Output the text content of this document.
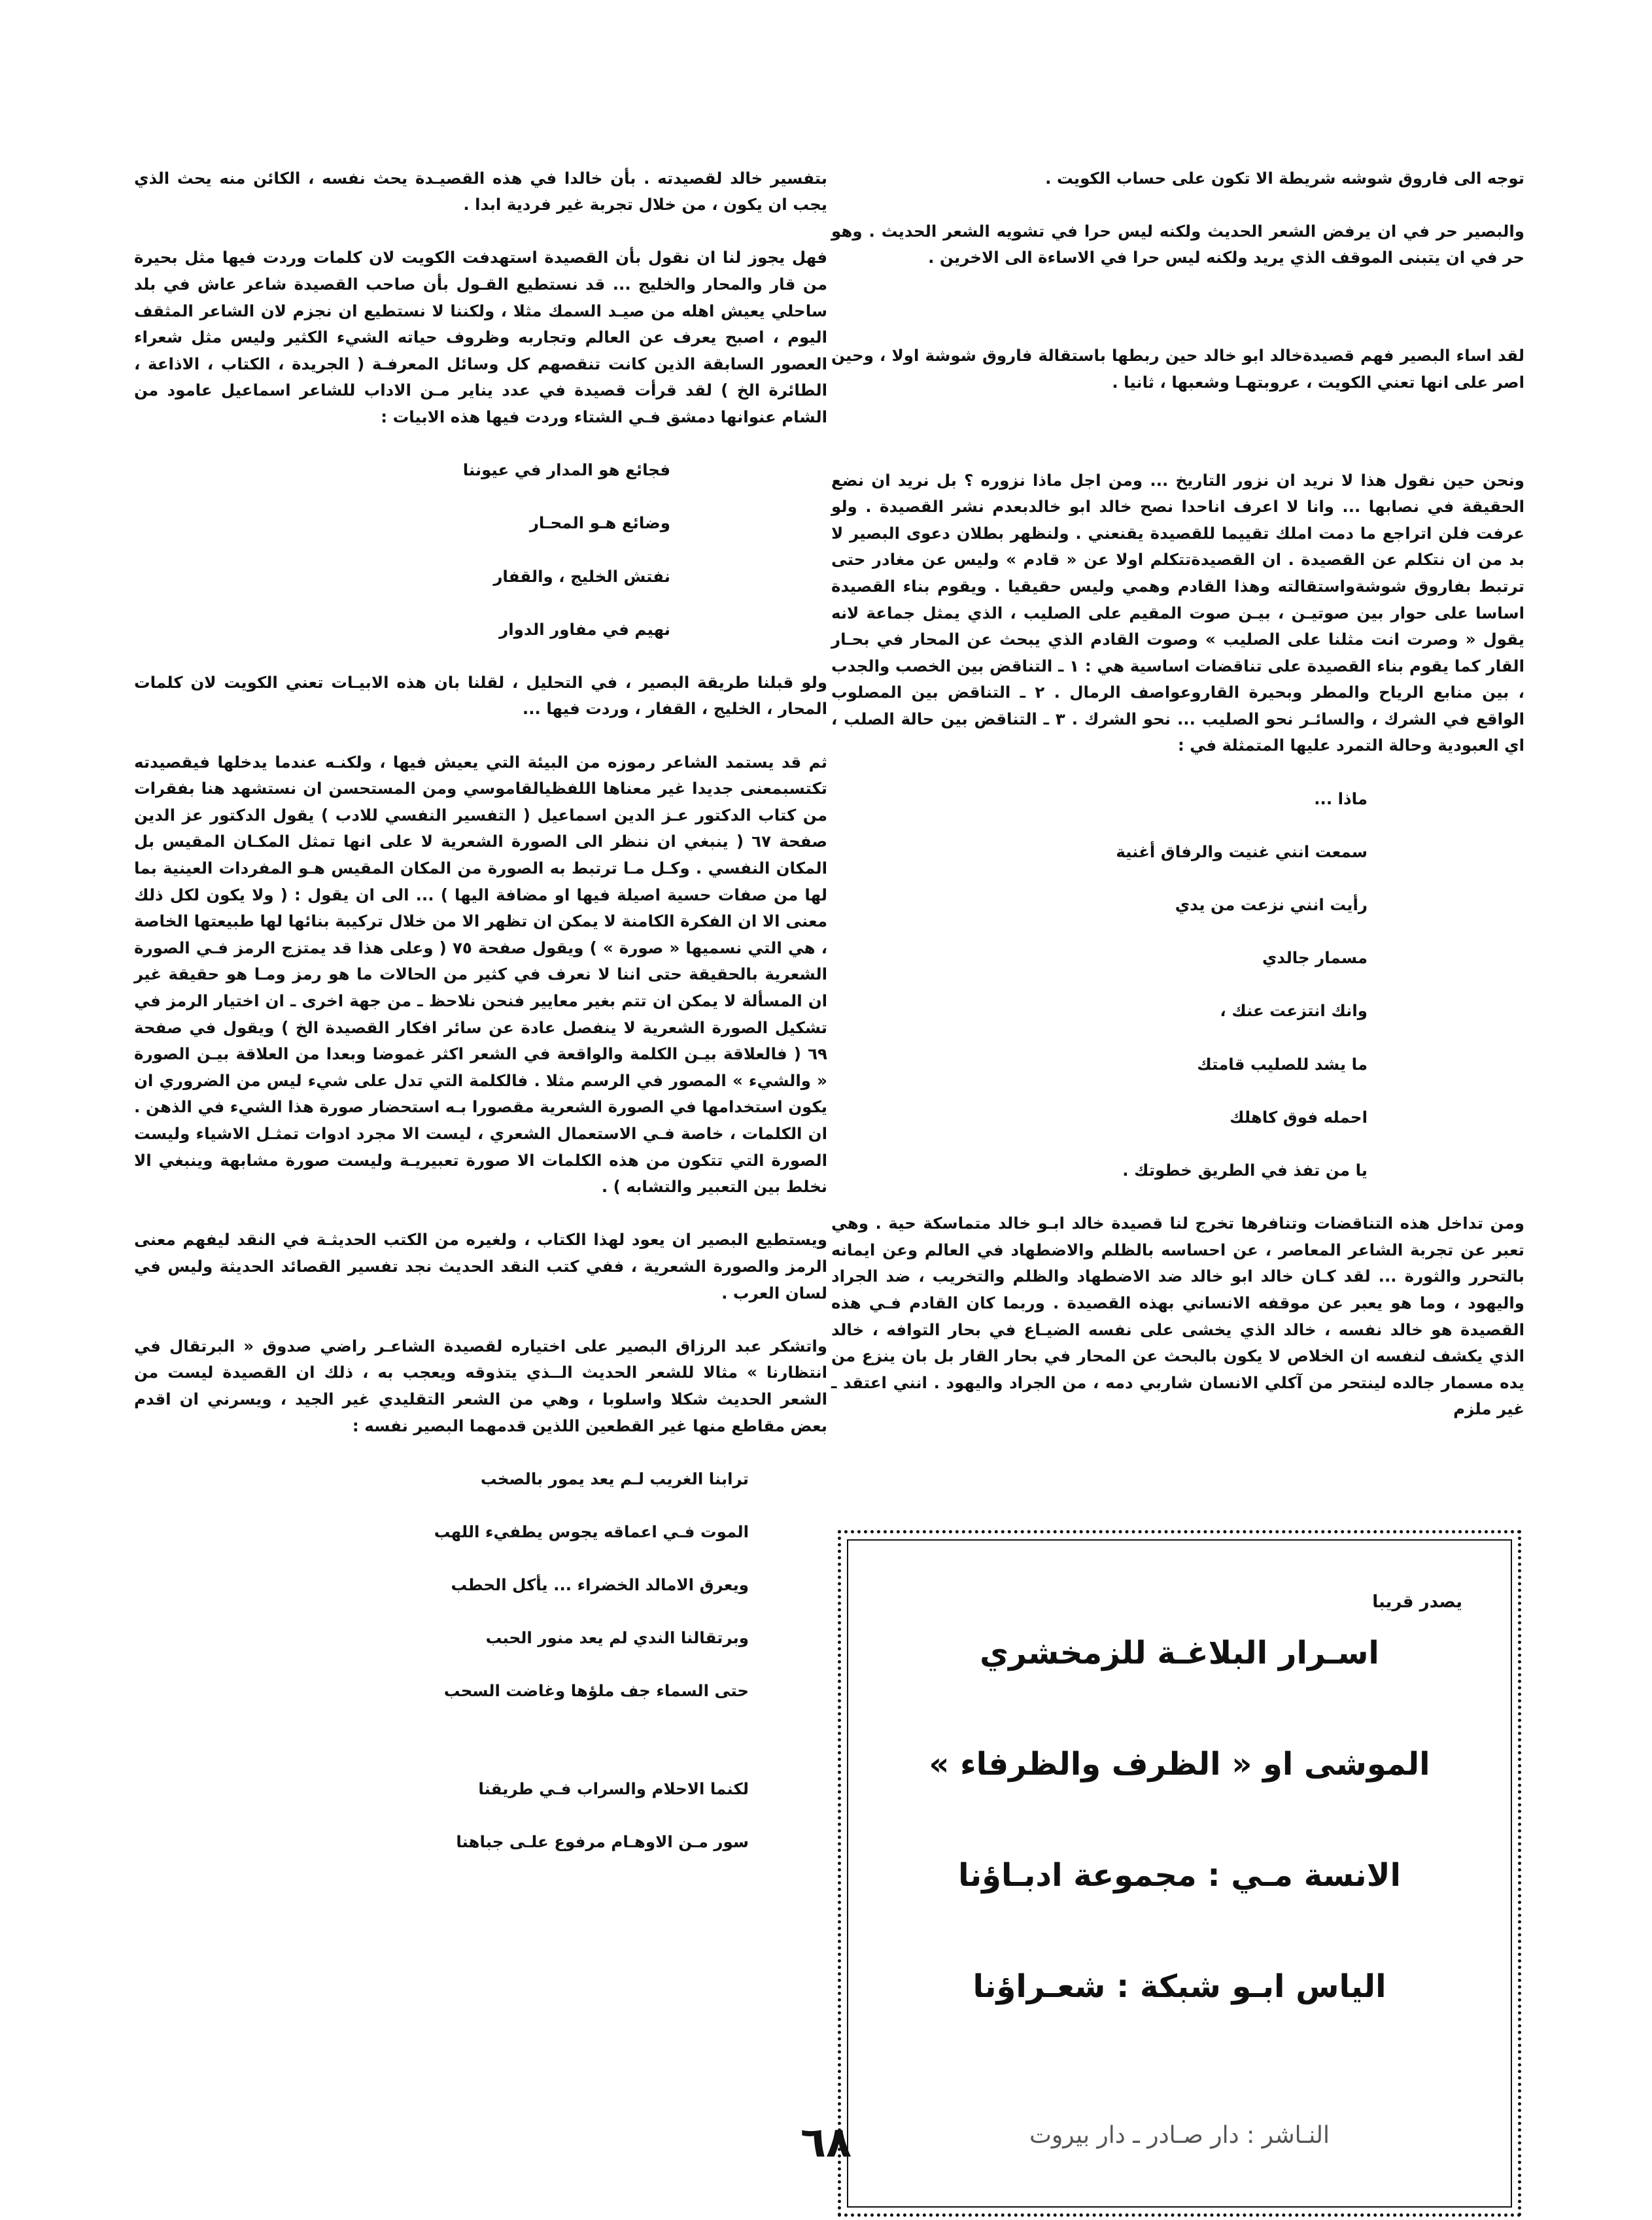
توجه الى فاروق شوشه شريطة الا تكون على حساب الكويت .

والبصير حر في ان يرفض الشعر الحديث ولكنه ليس حرا في تشويه الشعر الحديث . وهو حر في ان يتبنى الموقف الذي يريد ولكنه ليس حرا في الاساءة الى الاخرين .

لقد اساء البصير فهم قصيدةخالد ابو خالد حين ربطها باستقالة فاروق شوشة اولا ، وحين اصر على انها تعني الكويت ، عروبتهـا وشعبها ، ثانيا .

ونحن حين نقول هذا لا نريد ان نزور التاريخ ... ومن اجل ماذا نزوره ؟ بل نريد ان نضع الحقيقة في نصابها ... وانا لا اعرف اناحدا نصح خالد ابو خالدبعدم نشر القصيدة . ولو عرفت فلن اتراجع ما دمت املك تقييما للقصيدة يقنعني . ولنظهر بطلان دعوى البصير لا بد من ان نتكلم عن القصيدة . ان القصيدةتتكلم اولا عن « قادم » وليس عن مغادر حتى ترتبط بفاروق شوشةواستقالته وهذا القادم وهمي وليس حقيقيا . ويقوم بناء القصيدة اساسا على حوار بين صوتيـن ، بيـن صوت المقيم على الصليب ، الذي يمثل جماعة لانه يقول « وصرت انت مثلنا على الصليب » وصوت القادم الذي يبحث عن المحار في بحـار القار كما يقوم بناء القصيدة على تناقضات اساسية هي : ١ ـ التناقض بين الخصب والجدب ، بين منابع الرياح والمطر وبحيرة القاروعواصف الرمال . ٢ ـ التناقض بين المصلوب الواقع في الشرك ، والسائـر نحو الصليب ... نحو الشرك . ٣ ـ التناقض بين حالة الصلب ، اي العبودية وحالة التمرد عليها المتمثلة في :

ماذا ...

سمعت انني غنيت والرفاق أغنية

رأيت انني نزعت من يدي

مسمار جالدي

وانك انتزعت عنك ،

ما يشد للصليب قامتك

احمله فوق كاهلك

يا من تفذ في الطريق خطوتك .

ومن تداخل هذه التناقضات وتنافرها تخرج لنا قصيدة خالد ابـو خالد متماسكة حية . وهي تعبر عن تجربة الشاعر المعاصر ، عن احساسه بالظلم والاضطهاد في العالم وعن ايمانه بالتحرر والثورة ... لقد كـان خالد ابو خالد ضد الاضطهاد والظلم والتخريب ، ضد الجراد واليهود ، وما هو يعبر عن موقفه الانساني بهذه القصيدة . وربما كان القادم فـي هذه القصيدة هو خالد نفسه ، خالد الذي يخشى على نفسه الضيـاع في بحار التوافه ، خالد الذي يكشف لنفسه ان الخلاص لا يكون بالبحث عن المحار في بحار القار بل بان ينزع من يده مسمار جالده لينتحر من آكلي الانسان شاربي دمه ، من الجراد واليهود . انني اعتقد ـ غير ملزم

بتفسير خالد لقصيدته . بأن خالدا في هذه القصيـدة يحث نفسه ، الكائن منه يحث الذي يجب ان يكون ، من خلال تجربة غير فردية ابدا .

فهل يجوز لنا ان نقول بأن القصيدة استهدفت الكويت لان كلمات وردت فيها مثل بحيرة من قار والمحار والخليج ... قد نستطيع القـول بأن صاحب القصيدة شاعر عاش في بلد ساحلي يعيش اهله من صيـد السمك مثلا ، ولكننا لا نستطيع ان نجزم لان الشاعر المثقف اليوم ، اصبح يعرف عن العالم وتجاربه وظروف حياته الشيء الكثير وليس مثل شعراء العصور السابقة الذين كانت تنقصهم كل وسائل المعرفـة ( الجريدة ، الكتاب ، الاذاعة ، الطائرة الخ ) لقد قرأت قصيدة في عدد يناير مـن الاداب للشاعر اسماعيل عامود من الشام عنوانها دمشق فـي الشتاء وردت فيها هذه الابيات :

فجائع هو المدار في عيوننا

وضائع هـو المحـار

نفتش الخليج ، والقفار

نهيم في مفاور الدوار

ولو قبلنا طريقة البصير ، في التحليل ، لقلنا بان هذه الابيـات تعني الكويت لان كلمات المحار ، الخليج ، القفار ، وردت فيها ...

ثم قد يستمد الشاعر رموزه من البيئة التي يعيش فيها ، ولكنـه عندما يدخلها فيقصيدته تكتسبمعنى جديدا غير معناها اللفظيالقاموسي ومن المستحسن ان نستشهد هنا بفقرات من كتاب الدكتور عـز الدين اسماعيل ( التفسير النفسي للادب ) يقول الدكتور عز الدين صفحة ٦٧ ( ينبغي ان ننظر الى الصورة الشعرية لا على انها تمثل المكـان المقيس بل المكان النفسي . وكـل مـا ترتبط به الصورة من المكان المقيس هـو المفردات العينية بما لها من صفات حسية اصيلة فيها او مضافة اليها ) ... الى ان يقول : ( ولا يكون لكل ذلك معنى الا ان الفكرة الكامنة لا يمكن ان تظهر الا من خلال تركيبة بنائها لها طبيعتها الخاصة ، هي التي نسميها « صورة » ) ويقول صفحة ٧٥ ( وعلى هذا قد يمتزج الرمز فـي الصورة الشعرية بالحقيقة حتى اننا لا نعرف في كثير من الحالات ما هو رمز ومـا هو حقيقة غير ان المسألة لا يمكن ان تتم بغير معايير فنحن نلاحظ ـ من جهة اخرى ـ ان اختيار الرمز في تشكيل الصورة الشعرية لا ينفصل عادة عن سائر افكار القصيدة الخ ) ويقول في صفحة ٦٩ ( فالعلاقة بيـن الكلمة والواقعة في الشعر اكثر غموضا وبعدا من العلاقة بيـن الصورة « والشيء » المصور في الرسم مثلا . فالكلمة التي تدل على شيء ليس من الضروري ان يكون استخدامها في الصورة الشعرية مقصورا بـه استحضار صورة هذا الشيء في الذهن . ان الكلمات ، خاصة فـي الاستعمال الشعري ، ليست الا مجرد ادوات تمثـل الاشياء وليست الصورة التي تتكون من هذه الكلمات الا صورة تعبيريـة وليست صورة مشابهة وينبغي الا نخلط بين التعبير والتشابه ) .

ويستطيع البصير ان يعود لهذا الكتاب ، ولغيره من الكتب الحديثـة في النقد ليفهم معنى الرمز والصورة الشعرية ، ففي كتب النقد الحديث نجد تفسير القصائد الحديثة وليس في لسان العرب .

واتشكر عبد الرزاق البصير على اختياره لقصيدة الشاعـر راضي صدوق « البرتقال في انتظارنا » مثالا للشعر الحديث الــذي يتذوقه ويعجب به ، ذلك ان القصيدة ليست من الشعر الحديث شكلا واسلوبا ، وهي من الشعر التقليدي غير الجيد ، ويسرني ان اقدم بعض مقاطع منها غير القطعين اللذين قدمهما البصير نفسه :

ترابنا الغريب لـم يعد يمور بالصخب

الموت فـي اعماقه يجوس يطفيء اللهب

ويعرق الامالد الخضراء ... يأكل الحطب

وبرتقالنا الندي لم يعد منور الحبب

حتى السماء جف ملؤها وغاضت السحب

لكنما الاحلام والسراب فـي طريقنا

سور مـن الاوهـام مرفوع علـى جباهنا

يصدر قريبا
اسـرار البلاغـة للزمخشري
الموشى او « الظرف والظرفاء »
الانسة مـي : مجموعة ادبـاؤنا
الياس ابـو شبكة : شعـراؤنا
النـاشر : دار صـادر ـ دار بيروت
٦٨
